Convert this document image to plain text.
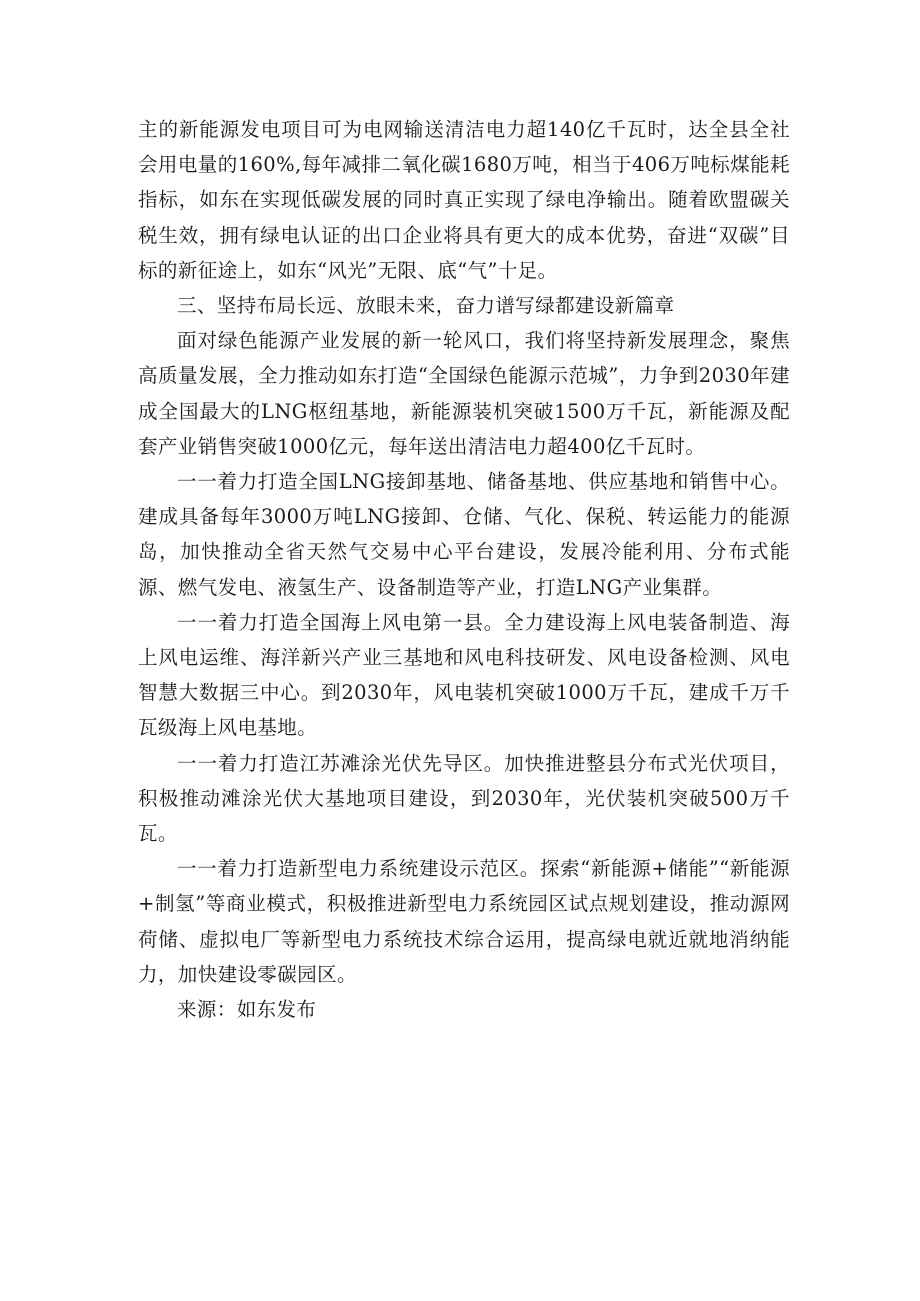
主的新能源发电项目可为电网输送清洁电力超140亿千瓦时，达全县全社会用电量的160%,每年减排二氧化碳1680万吨，相当于406万吨标煤能耗指标，如东在实现低碳发展的同时真正实现了绿电净输出。随着欧盟碳关税生效，拥有绿电认证的出口企业将具有更大的成本优势，奋进“双碳”目标的新征途上，如东“风光”无限、底“气”十足。

三、坚持布局长远、放眼未来，奋力谱写绿都建设新篇章

面对绿色能源产业发展的新一轮风口，我们将坚持新发展理念，聚焦高质量发展，全力推动如东打造“全国绿色能源示范城”，力争到2030年建成全国最大的LNG枢纽基地，新能源装机突破1500万千瓦，新能源及配套产业销售突破1000亿元，每年送出清洁电力超400亿千瓦时。

一一着力打造全国LNG接卸基地、储备基地、供应基地和销售中心。建成具备每年3000万吨LNG接卸、仓储、气化、保税、转运能力的能源岛，加快推动全省天然气交易中心平台建设，发展冷能利用、分布式能源、燃气发电、液氢生产、设备制造等产业，打造LNG产业集群。

一一着力打造全国海上风电第一县。全力建设海上风电装备制造、海上风电运维、海洋新兴产业三基地和风电科技研发、风电设备检测、风电智慧大数据三中心。到2030年，风电装机突破1000万千瓦，建成千万千瓦级海上风电基地。

一一着力打造江苏滩涂光伏先导区。加快推进整县分布式光伏项目，积极推动滩涂光伏大基地项目建设，到2030年，光伏装机突破500万千瓦。

一一着力打造新型电力系统建设示范区。探索“新能源+储能”“新能源+制氢”等商业模式，积极推进新型电力系统园区试点规划建设，推动源网荷储、虚拟电厂等新型电力系统技术综合运用，提高绿电就近就地消纳能力，加快建设零碳园区。

来源：如东发布
